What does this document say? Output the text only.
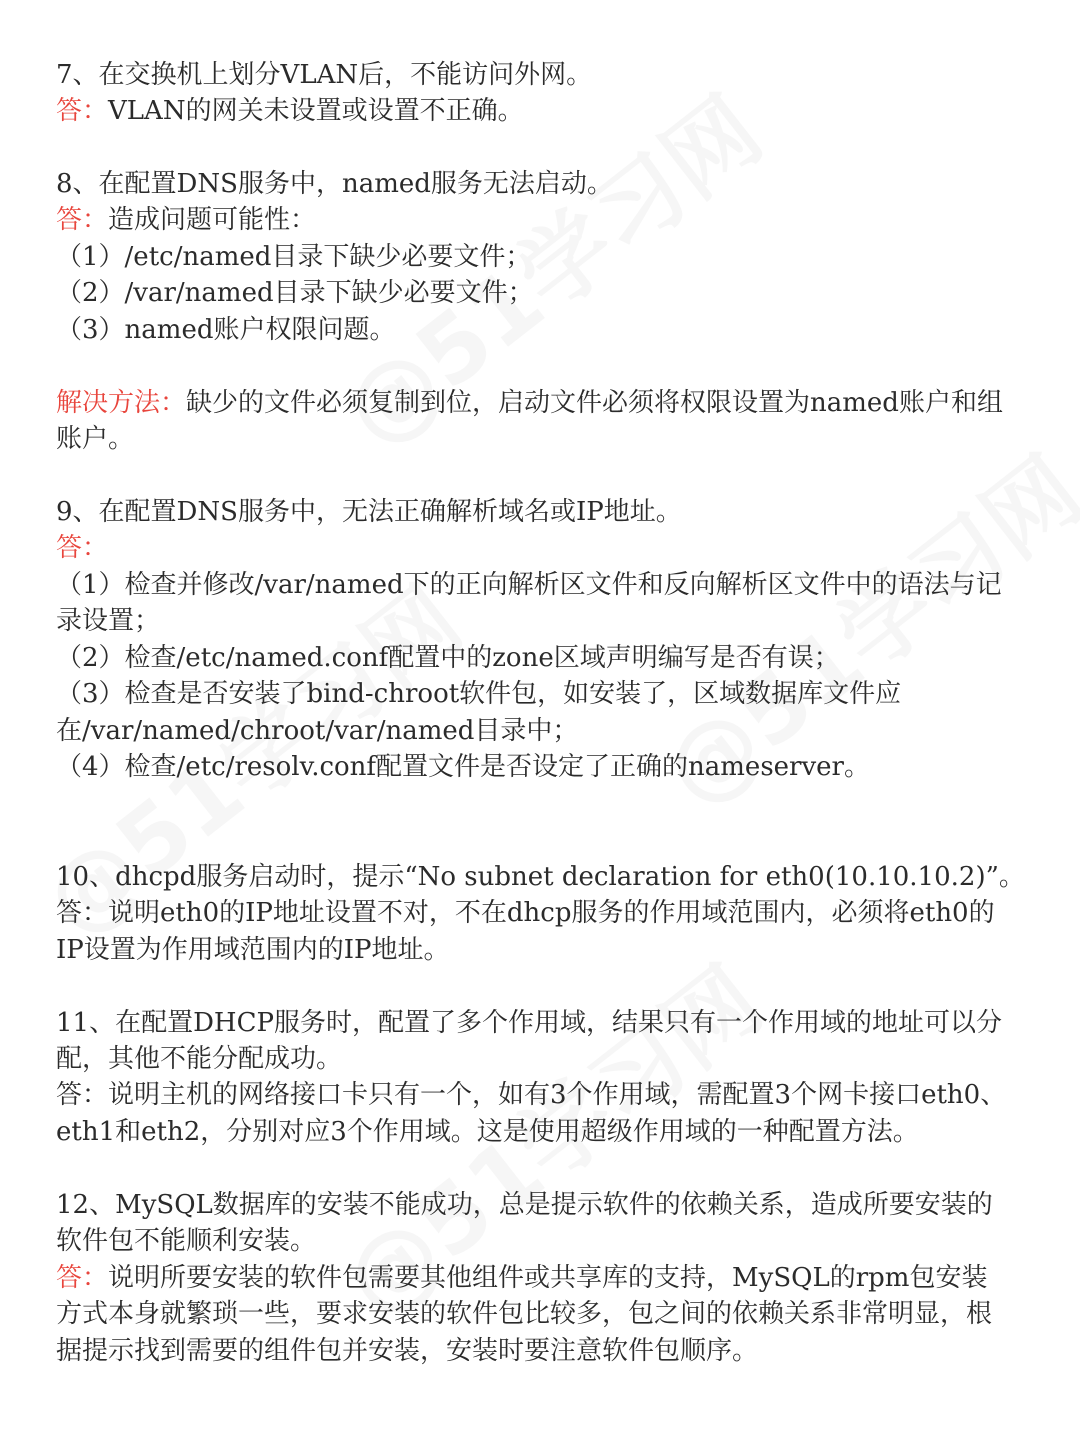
7、在交换机上划分VLAN后，不能访问外网。
答：VLAN的网关未设置或设置不正确。
8、在配置DNS服务中，named服务无法启动。
答：造成问题可能性：
（1）/etc/named目录下缺少必要文件；
（2）/var/named目录下缺少必要文件；
（3）named账户权限问题。
解决方法：缺少的文件必须复制到位，启动文件必须将权限设置为named账户和组
账户。
9、在配置DNS服务中，无法正确解析域名或IP地址。
答：
（1）检查并修改/var/named下的正向解析区文件和反向解析区文件中的语法与记
录设置；
（2）检查/etc/named.conf配置中的zone区域声明编写是否有误；
（3）检查是否安装了bind-chroot软件包，如安装了，区域数据库文件应
在/var/named/chroot/var/named目录中；
（4）检查/etc/resolv.conf配置文件是否设定了正确的nameserver。
10、dhcpd服务启动时，提示“No subnet declaration for eth0(10.10.10.2)”。
答：说明eth0的IP地址设置不对，不在dhcp服务的作用域范围内，必须将eth0的
IP设置为作用域范围内的IP地址。
11、在配置DHCP服务时，配置了多个作用域，结果只有一个作用域的地址可以分
配，其他不能分配成功。
答：说明主机的网络接口卡只有一个，如有3个作用域，需配置3个网卡接口eth0、
eth1和eth2，分别对应3个作用域。这是使用超级作用域的一种配置方法。
12、MySQL数据库的安装不能成功，总是提示软件的依赖关系，造成所要安装的
软件包不能顺利安装。
答：说明所要安装的软件包需要其他组件或共享库的支持，MySQL的rpm包安装
方式本身就繁琐一些，要求安装的软件包比较多，包之间的依赖关系非常明显，根
据提示找到需要的组件包并安装，安装时要注意软件包顺序。
